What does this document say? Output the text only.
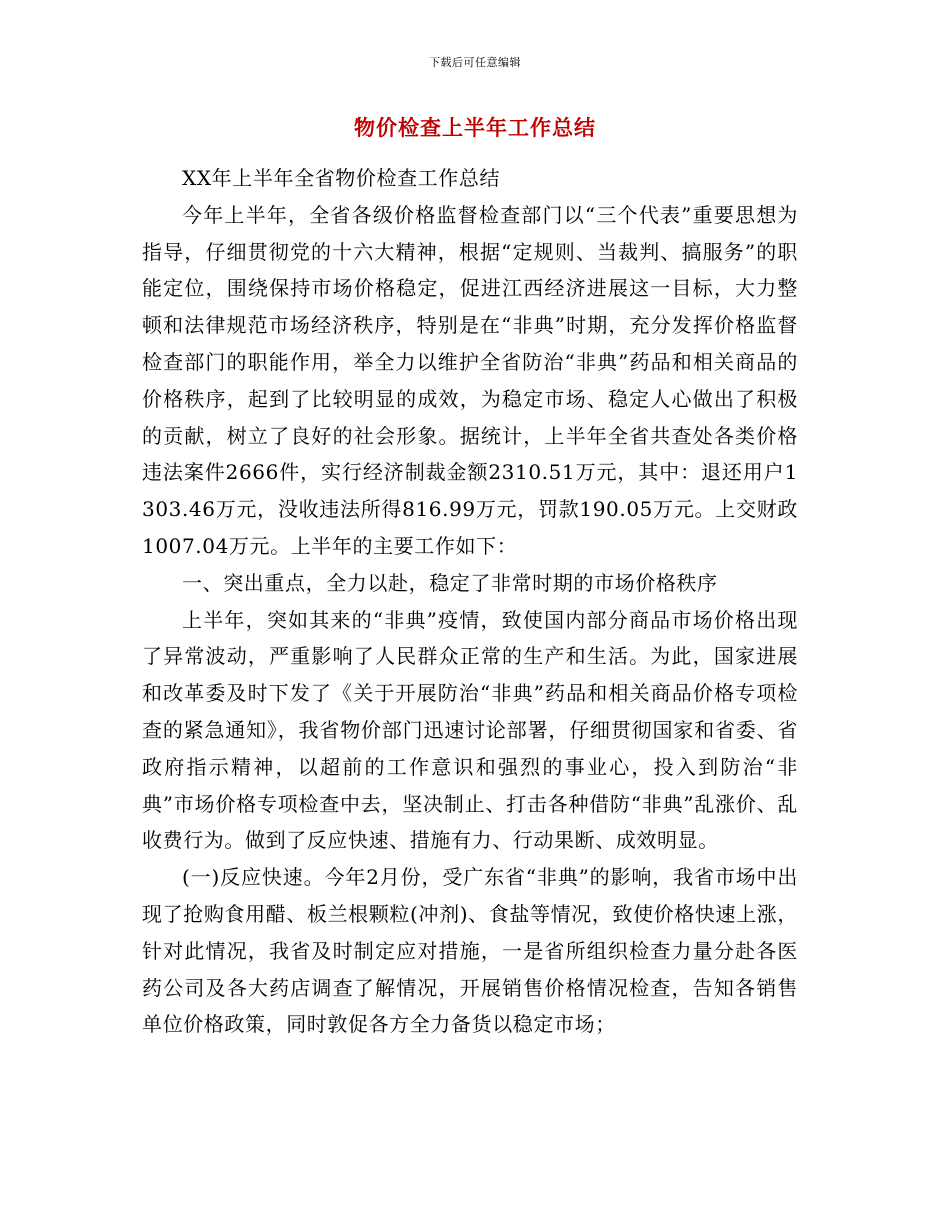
下载后可任意编辑
物价检查上半年工作总结

XX年上半年全省物价检查工作总结

今年上半年，全省各级价格监督检查部门以“三个代表”重要思想为指导，仔细贯彻党的十六大精神，根据“定规则、当裁判、搞服务”的职能定位，围绕保持市场价格稳定，促进江西经济进展这一目标，大力整顿和法律规范市场经济秩序，特别是在“非典”时期，充分发挥价格监督检查部门的职能作用，举全力以维护全省防治“非典”药品和相关商品的价格秩序，起到了比较明显的成效，为稳定市场、稳定人心做出了积极的贡献，树立了良好的社会形象。据统计，上半年全省共查处各类价格违法案件2666件，实行经济制裁金额2310.51万元，其中：退还用户1303.46万元，没收违法所得816.99万元，罚款190.05万元。上交财政1007.04万元。上半年的主要工作如下：

一、突出重点，全力以赴，稳定了非常时期的市场价格秩序

上半年，突如其来的“非典”疫情，致使国内部分商品市场价格出现了异常波动，严重影响了人民群众正常的生产和生活。为此，国家进展和改革委及时下发了《关于开展防治“非典”药品和相关商品价格专项检查的紧急通知》，我省物价部门迅速讨论部署，仔细贯彻国家和省委、省政府指示精神，以超前的工作意识和强烈的事业心，投入到防治“非典”市场价格专项检查中去，坚决制止、打击各种借防“非典”乱涨价、乱收费行为。做到了反应快速、措施有力、行动果断、成效明显。

(一)反应快速。今年2月份，受广东省“非典”的影响，我省市场中出现了抢购食用醋、板兰根颗粒(冲剂)、食盐等情况，致使价格快速上涨，针对此情况，我省及时制定应对措施，一是省所组织检查力量分赴各医药公司及各大药店调查了解情况，开展销售价格情况检查，告知各销售单位价格政策，同时敦促各方全力备货以稳定市场；
